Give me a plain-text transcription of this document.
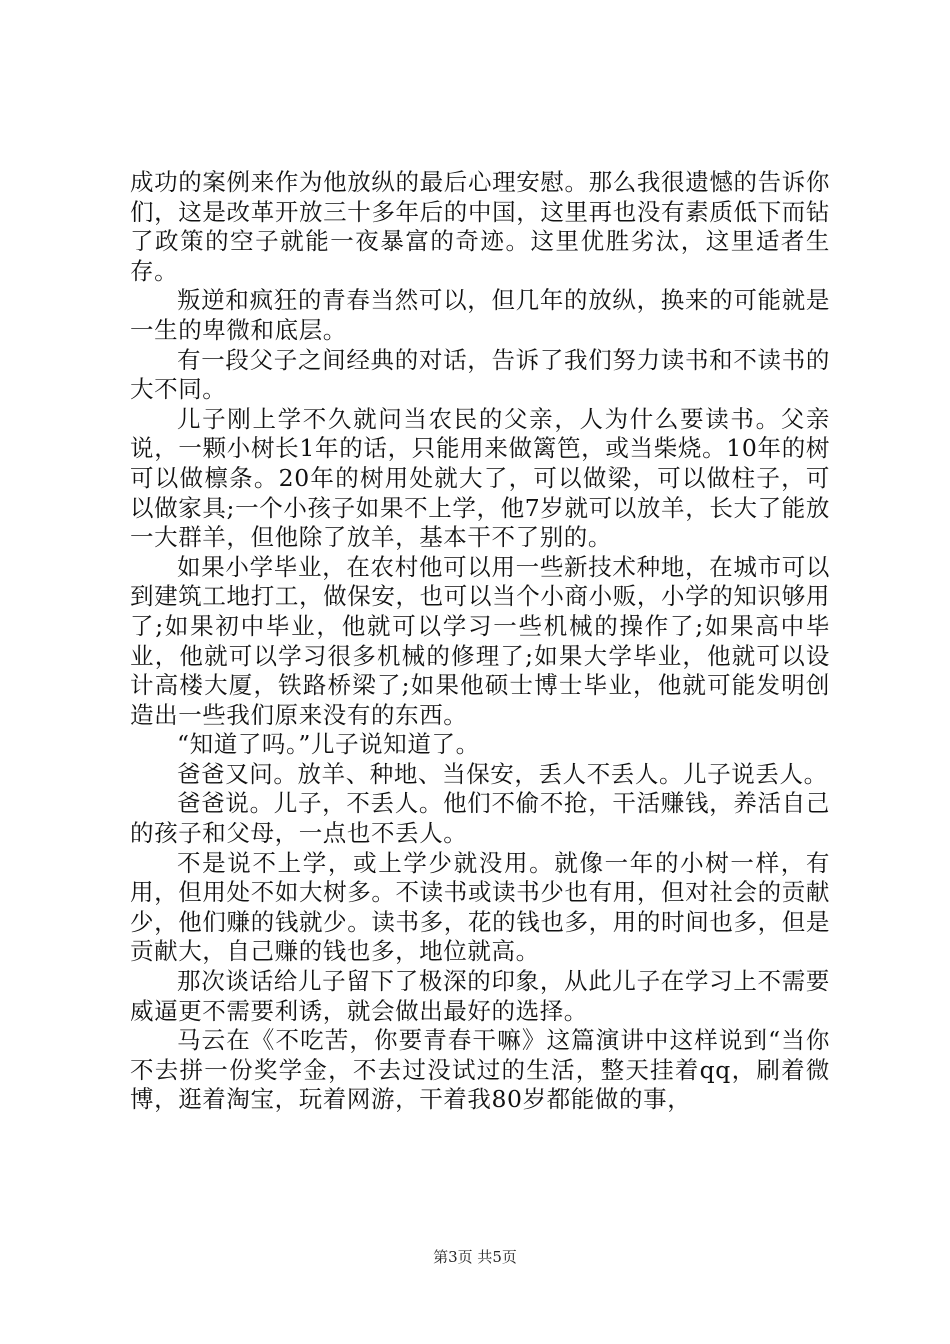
成功的案例来作为他放纵的最后心理安慰。那么我很遗憾的告诉你们，这是改革开放三十多年后的中国，这里再也没有素质低下而钻了政策的空子就能一夜暴富的奇迹。这里优胜劣汰，这里适者生存。

叛逆和疯狂的青春当然可以，但几年的放纵，换来的可能就是一生的卑微和底层。

有一段父子之间经典的对话，告诉了我们努力读书和不读书的大不同。

儿子刚上学不久就问当农民的父亲，人为什么要读书。父亲说，一颗小树长1年的话，只能用来做篱笆，或当柴烧。10年的树可以做檩条。20年的树用处就大了，可以做梁，可以做柱子，可以做家具;一个小孩子如果不上学，他7岁就可以放羊，长大了能放一大群羊，但他除了放羊，基本干不了别的。

如果小学毕业，在农村他可以用一些新技术种地，在城市可以到建筑工地打工，做保安，也可以当个小商小贩，小学的知识够用了;如果初中毕业，他就可以学习一些机械的操作了;如果高中毕业，他就可以学习很多机械的修理了;如果大学毕业，他就可以设计高楼大厦，铁路桥梁了;如果他硕士博士毕业，他就可能发明创造出一些我们原来没有的东西。

“知道了吗。”儿子说知道了。

爸爸又问。放羊、种地、当保安，丢人不丢人。儿子说丢人。

爸爸说。儿子，不丢人。他们不偷不抢，干活赚钱，养活自己的孩子和父母，一点也不丢人。

不是说不上学，或上学少就没用。就像一年的小树一样，有用，但用处不如大树多。不读书或读书少也有用，但对社会的贡献少，他们赚的钱就少。读书多，花的钱也多，用的时间也多，但是贡献大，自己赚的钱也多，地位就高。

那次谈话给儿子留下了极深的印象，从此儿子在学习上不需要威逼更不需要利诱，就会做出最好的选择。

马云在《不吃苦，你要青春干嘛》这篇演讲中这样说到“当你不去拼一份奖学金，不去过没试过的生活，整天挂着qq，刷着微博，逛着淘宝，玩着网游，干着我80岁都能做的事，

第3页 共5页
